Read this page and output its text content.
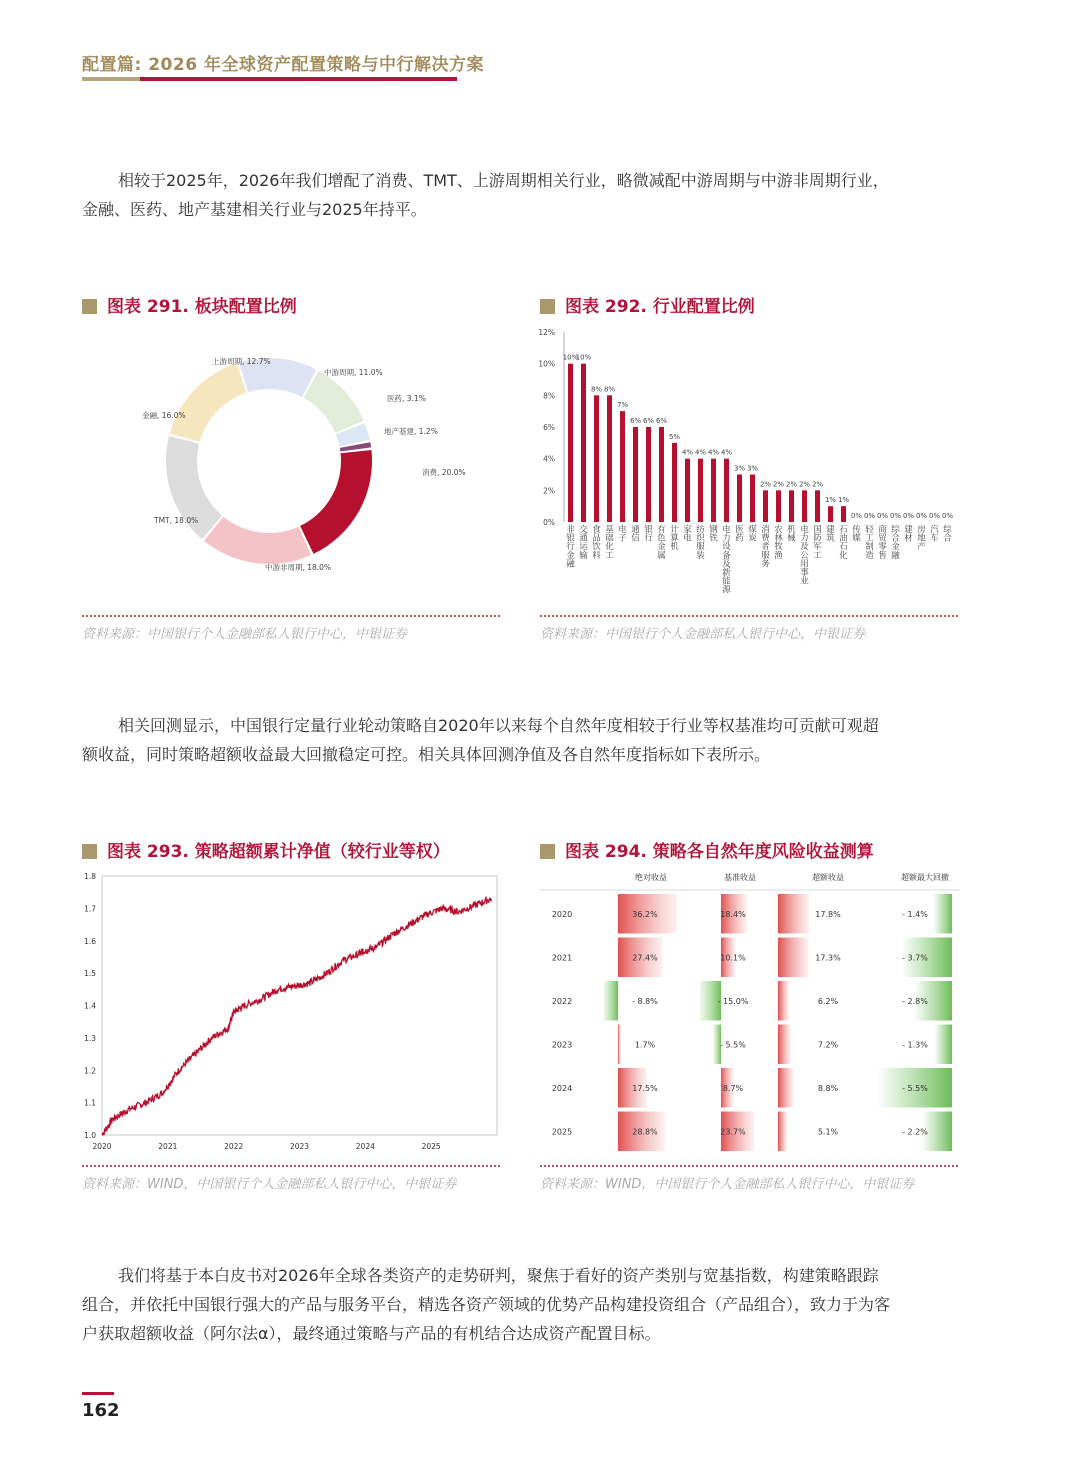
配置篇: 2026 年全球资产配置策略与中行解决方案
相较于2025年，2026年我们增配了消费、TMT、上游周期相关行业，略微减配中游周期与中游非周期行业，
金融、医药、地产基建相关行业与2025年持平。
图表 291. 板块配置比例
消费, 20.0%
中游非周期, 18.0%
TMT, 18.0%
金融, 16.0%
上游周期, 12.7%
中游周期, 11.0%
医药, 3.1%
地产基建, 1.2%
资料来源：中国银行个人金融部私人银行中心，中银证券
图表 292. 行业配置比例
0%
2%
4%
6%
8%
10%
12%
10%
非银行金融
10%
交通运输
8%
食品饮料
8%
基础化工
7%
电子
6%
通信
6%
银行
6%
有色金属
5%
计算机
4%
家电
4%
纺织服装
4%
钢铁
4%
电力设备及新能源
3%
医药
3%
煤炭
2%
消费者服务
2%
农林牧渔
2%
机械
2%
电力及公用事业
2%
国防军工
1%
建筑
1%
石油石化
0%
传媒
0%
轻工制造
0%
商贸零售
0%
综合金融
0%
建材
0%
房地产
0%
汽车
0%
综合
资料来源：中国银行个人金融部私人银行中心，中银证券
相关回测显示，中国银行定量行业轮动策略自2020年以来每个自然年度相较于行业等权基准均可贡献可观超
额收益，同时策略超额收益最大回撤稳定可控。相关具体回测净值及各自然年度指标如下表所示。
图表 293. 策略超额累计净值（较行业等权）
1.0
1.1
1.2
1.3
1.4
1.5
1.6
1.7
1.8
2020	2021	2022	2023	2024	2025
资料来源：WIND，中国银行个人金融部私人银行中心，中银证券
图表 294. 策略各自然年度风险收益测算
绝对收益	基准收益	超额收益	超额最大回撤
2020	36.2%	18.4%	17.8%	- 1.4%
2021	27.4%	10.1%	17.3%	- 3.7%
2022	- 8.8%	- 15.0%	6.2%	- 2.8%
2023	1.7%	- 5.5%	7.2%	- 1.3%
2024	17.5%	8.7%	8.8%	- 5.5%
2025	28.8%	23.7%	5.1%	- 2.2%
资料来源：WIND，中国银行个人金融部私人银行中心，中银证券
我们将基于本白皮书对2026年全球各类资产的走势研判，聚焦于看好的资产类别与宽基指数，构建策略跟踪
组合，并依托中国银行强大的产品与服务平台，精选各资产领域的优势产品构建投资组合（产品组合），致力于为客
户获取超额收益（阿尔法α），最终通过策略与产品的有机结合达成资产配置目标。
162
